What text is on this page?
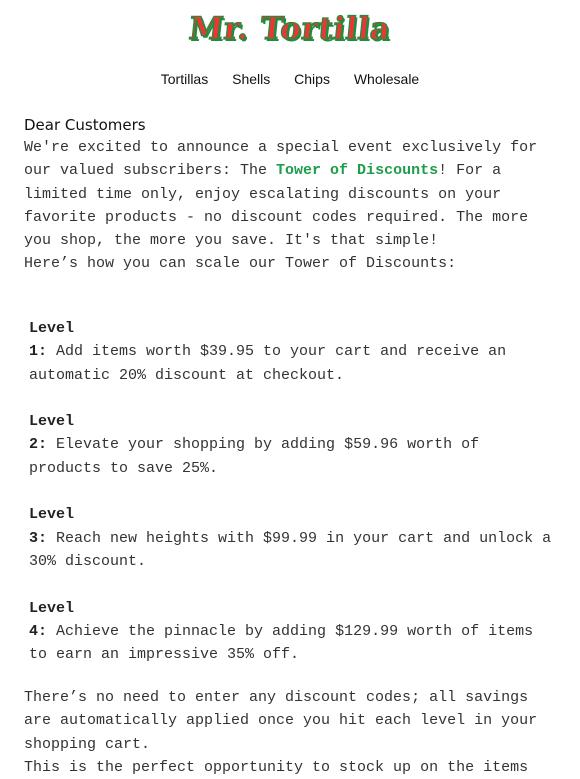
Mr. Tortilla
Tortillas Shells Chips Wholesale
Dear Customers
We're excited to announce a special event exclusively for our valued subscribers: The Tower of Discounts! For a limited time only, enjoy escalating discounts on your favorite products - no discount codes required. The more you shop, the more you save. It's that simple!
Here’s how you can scale our Tower of Discounts:
Level
1: Add items worth $39.95 to your cart and receive an automatic 20% discount at checkout.
Level
2: Elevate your shopping by adding $59.96 worth of products to save 25%.
Level
3: Reach new heights with $99.99 in your cart and unlock a 30% discount.
Level
4: Achieve the pinnacle by adding $129.99 worth of items to earn an impressive 35% off.
There’s no need to enter any discount codes; all savings are automatically applied once you hit each level in your shopping cart.
This is the perfect opportunity to stock up on the items
